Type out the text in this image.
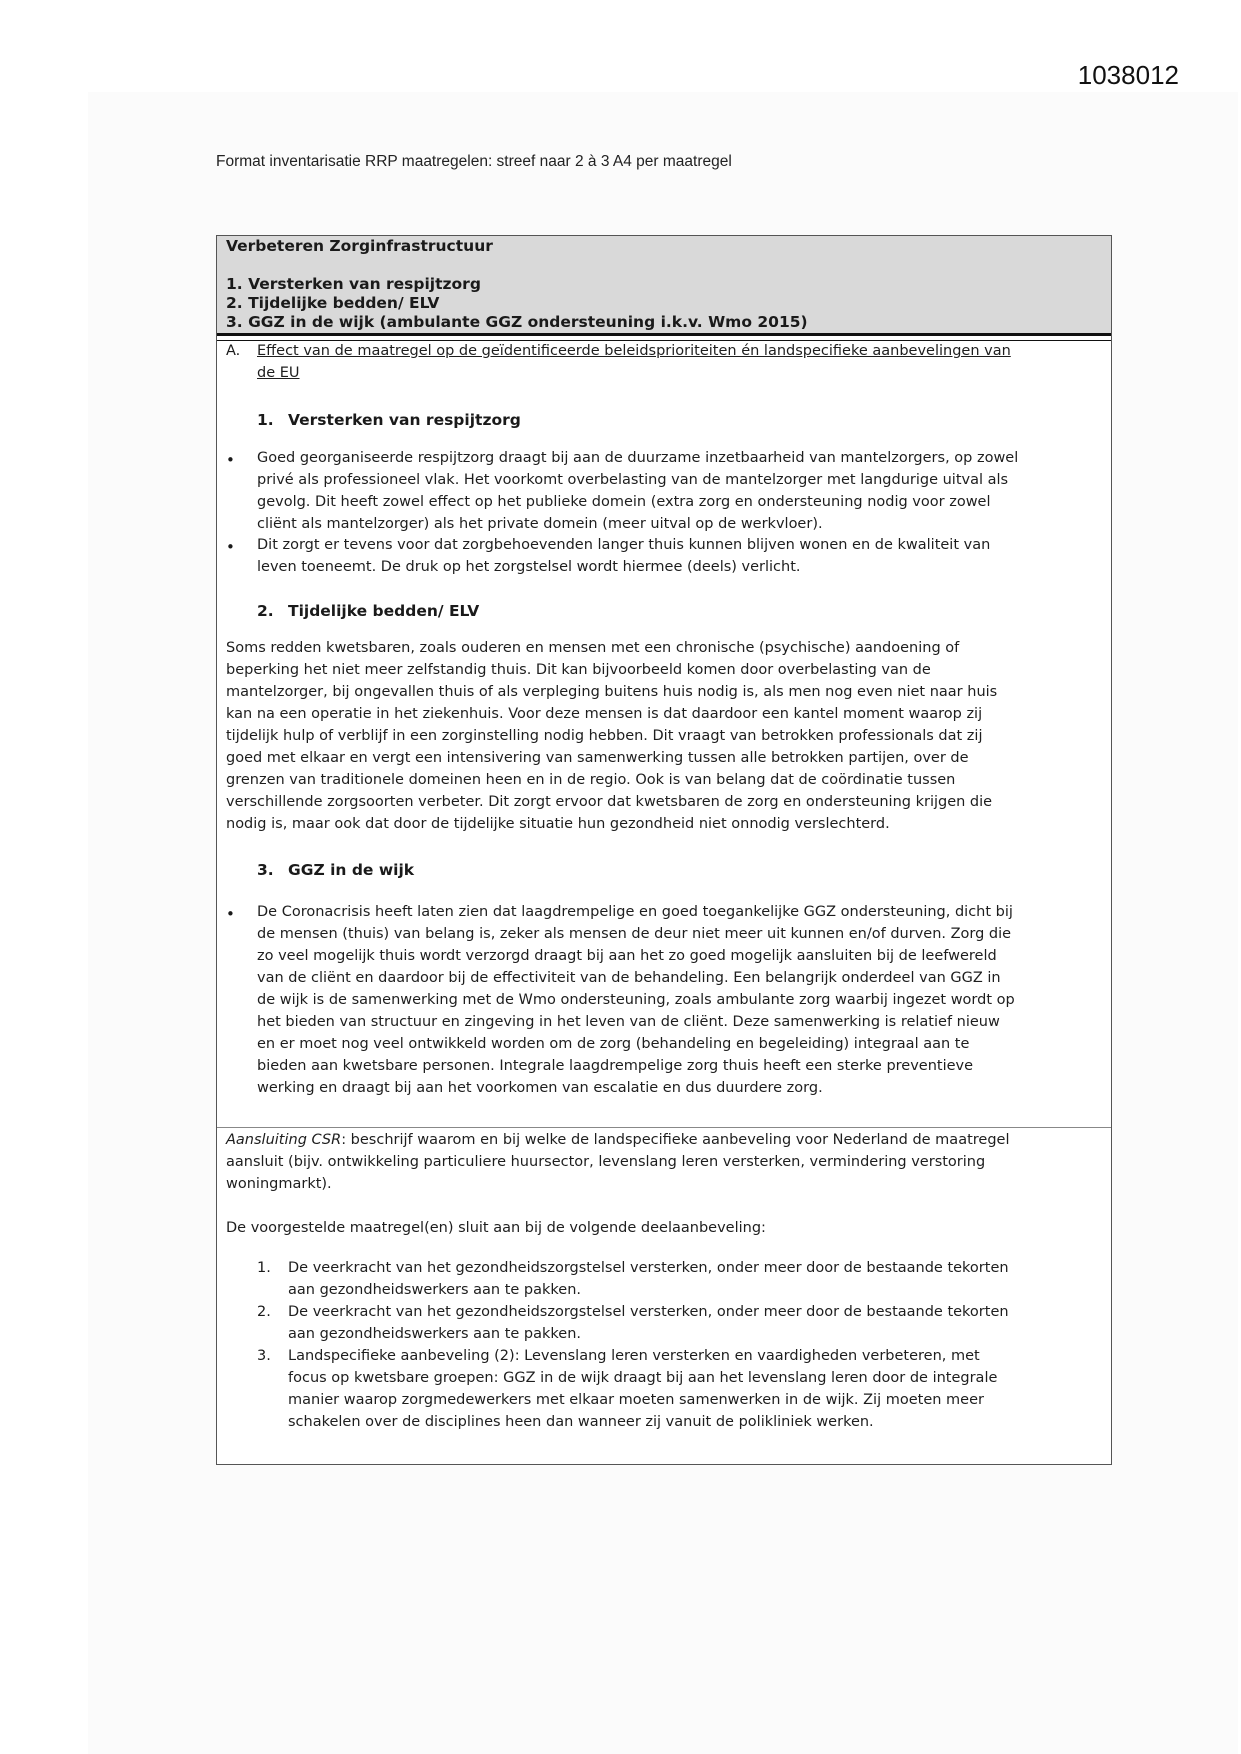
1038012
Format inventarisatie RRP maatregelen: streef naar 2 à 3 A4 per maatregel
Verbeteren Zorginfrastructuur
1. Versterken van respijtzorg
2. Tijdelijke bedden/ ELV
3. GGZ in de wijk (ambulante GGZ ondersteuning i.k.v. Wmo 2015)
A. Effect van de maatregel op de geïdentificeerde beleidsprioriteiten én landspecifieke aanbevelingen van
de EU
1. Versterken van respijtzorg
• Goed georganiseerde respijtzorg draagt bij aan de duurzame inzetbaarheid van mantelzorgers, op zowel
privé als professioneel vlak. Het voorkomt overbelasting van de mantelzorger met langdurige uitval als
gevolg. Dit heeft zowel effect op het publieke domein (extra zorg en ondersteuning nodig voor zowel
cliënt als mantelzorger) als het private domein (meer uitval op de werkvloer).
• Dit zorgt er tevens voor dat zorgbehoevenden langer thuis kunnen blijven wonen en de kwaliteit van
leven toeneemt. De druk op het zorgstelsel wordt hiermee (deels) verlicht.
2. Tijdelijke bedden/ ELV
Soms redden kwetsbaren, zoals ouderen en mensen met een chronische (psychische) aandoening of
beperking het niet meer zelfstandig thuis. Dit kan bijvoorbeeld komen door overbelasting van de
mantelzorger, bij ongevallen thuis of als verpleging buitens huis nodig is, als men nog even niet naar huis
kan na een operatie in het ziekenhuis. Voor deze mensen is dat daardoor een kantel moment waarop zij
tijdelijk hulp of verblijf in een zorginstelling nodig hebben. Dit vraagt van betrokken professionals dat zij
goed met elkaar en vergt een intensivering van samenwerking tussen alle betrokken partijen, over de
grenzen van traditionele domeinen heen en in de regio. Ook is van belang dat de coördinatie tussen
verschillende zorgsoorten verbeter. Dit zorgt ervoor dat kwetsbaren de zorg en ondersteuning krijgen die
nodig is, maar ook dat door de tijdelijke situatie hun gezondheid niet onnodig verslechterd.
3. GGZ in de wijk
• De Coronacrisis heeft laten zien dat laagdrempelige en goed toegankelijke GGZ ondersteuning, dicht bij
de mensen (thuis) van belang is, zeker als mensen de deur niet meer uit kunnen en/of durven. Zorg die
zo veel mogelijk thuis wordt verzorgd draagt bij aan het zo goed mogelijk aansluiten bij de leefwereld
van de cliënt en daardoor bij de effectiviteit van de behandeling. Een belangrijk onderdeel van GGZ in
de wijk is de samenwerking met de Wmo ondersteuning, zoals ambulante zorg waarbij ingezet wordt op
het bieden van structuur en zingeving in het leven van de cliënt. Deze samenwerking is relatief nieuw
en er moet nog veel ontwikkeld worden om de zorg (behandeling en begeleiding) integraal aan te
bieden aan kwetsbare personen. Integrale laagdrempelige zorg thuis heeft een sterke preventieve
werking en draagt bij aan het voorkomen van escalatie en dus duurdere zorg.
Aansluiting CSR: beschrijf waarom en bij welke de landspecifieke aanbeveling voor Nederland de maatregel
aansluit (bijv. ontwikkeling particuliere huursector, levenslang leren versterken, vermindering verstoring
woningmarkt).
De voorgestelde maatregel(en) sluit aan bij de volgende deelaanbeveling:
1. De veerkracht van het gezondheidszorgstelsel versterken, onder meer door de bestaande tekorten
aan gezondheidswerkers aan te pakken.
2. De veerkracht van het gezondheidszorgstelsel versterken, onder meer door de bestaande tekorten
aan gezondheidswerkers aan te pakken.
3. Landspecifieke aanbeveling (2): Levenslang leren versterken en vaardigheden verbeteren, met
focus op kwetsbare groepen: GGZ in de wijk draagt bij aan het levenslang leren door de integrale
manier waarop zorgmedewerkers met elkaar moeten samenwerken in de wijk. Zij moeten meer
schakelen over de disciplines heen dan wanneer zij vanuit de polikliniek werken.
